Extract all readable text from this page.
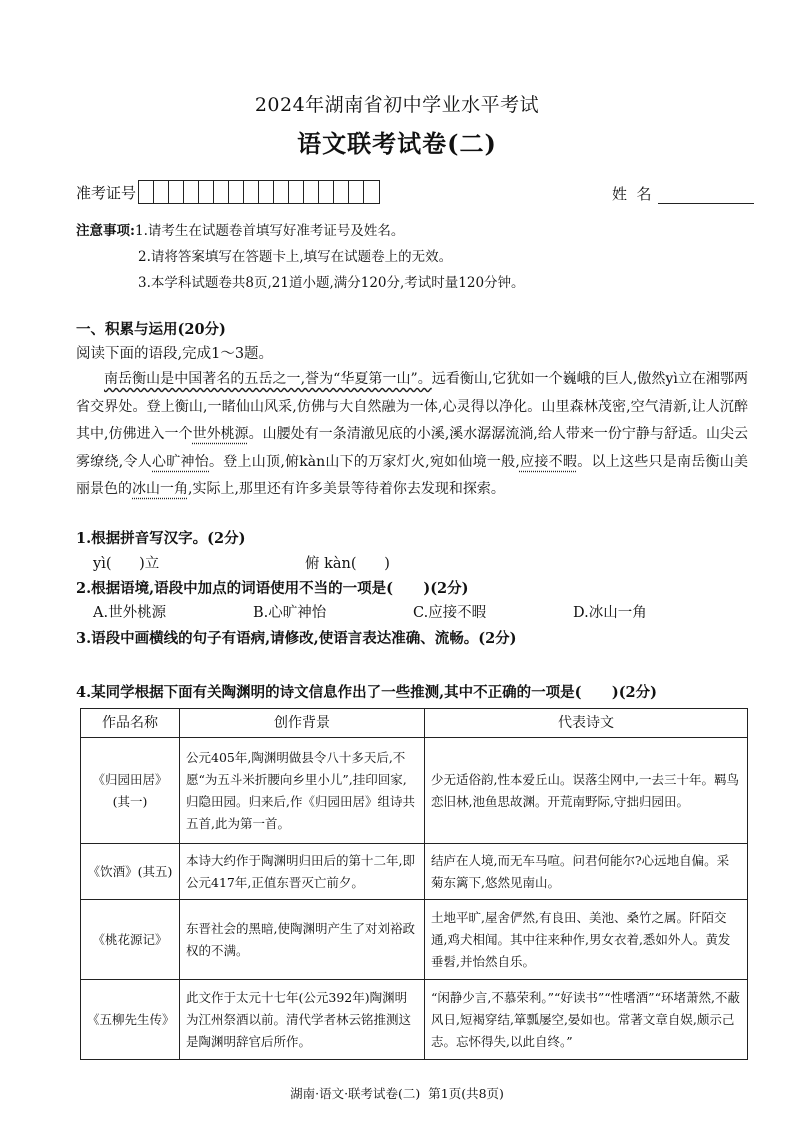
2024年湖南省初中学业水平考试
语文联考试卷(二)
准考证号	姓  名
注意事项:1.请考生在试题卷首填写好准考证号及姓名。
2.请将答案填写在答题卡上,填写在试题卷上的无效。
3.本学科试题卷共8页,21道小题,满分120分,考试时量120分钟。
一、积累与运用(20分)
阅读下面的语段,完成1～3题。

南岳衡山是中国著名的五岳之一,誉为“华夏第一山”。远看衡山,它犹如一个巍峨的巨人,傲然yì立在湘鄂两省交界处。登上衡山,一睹仙山风采,仿佛与大自然融为一体,心灵得以净化。山里森林茂密,空气清新,让人沉醉其中,仿佛进入一个世外桃源。山腰处有一条清澈见底的小溪,溪水潺潺流淌,给人带来一份宁静与舒适。山尖云雾缭绕,令人心旷神怡。登上山顶,俯kàn山下的万家灯火,宛如仙境一般,应接不暇。以上这些只是南岳衡山美丽景色的冰山一角,实际上,那里还有许多美景等待着你去发现和探索。

1.根据拼音写汉字。(2分)
yì(      )立	俯 kàn(      )
2.根据语境,语段中加点的词语使用不当的一项是(      )(2分)
A.世外桃源	B.心旷神怡	C.应接不暇	D.冰山一角
3.语段中画横线的句子有语病,请修改,使语言表达准确、流畅。(2分)
4.某同学根据下面有关陶渊明的诗文信息作出了一些推测,其中不正确的一项是(      )(2分)
作品名称	创作背景	代表诗文
《归园田居》(其一)	公元405年,陶渊明做县令八十多天后,不愿“为五斗米折腰向乡里小儿”,挂印回家,归隐田园。归来后,作《归园田居》组诗共五首,此为第一首。	少无适俗韵,性本爱丘山。误落尘网中,一去三十年。羁鸟恋旧林,池鱼思故渊。开荒南野际,守拙归园田。
《饮酒》(其五)	本诗大约作于陶渊明归田后的第十二年,即公元417年,正值东晋灭亡前夕。	结庐在人境,而无车马喧。问君何能尔?心远地自偏。采菊东篱下,悠然见南山。
《桃花源记》	东晋社会的黑暗,使陶渊明产生了对刘裕政权的不满。	土地平旷,屋舍俨然,有良田、美池、桑竹之属。阡陌交通,鸡犬相闻。其中往来种作,男女衣着,悉如外人。黄发垂髫,并怡然自乐。
《五柳先生传》	此文作于太元十七年(公元392年)陶渊明为江州祭酒以前。清代学者林云铭推测这是陶渊明辞官后所作。	“闲静少言,不慕荣利。”“好读书”“性嗜酒”“环堵萧然,不蔽风日,短褐穿结,箪瓢屡空,晏如也。常著文章自娱,颇示己志。忘怀得失,以此自终。”
湖南·语文·联考试卷(二)  第1页(共8页)
